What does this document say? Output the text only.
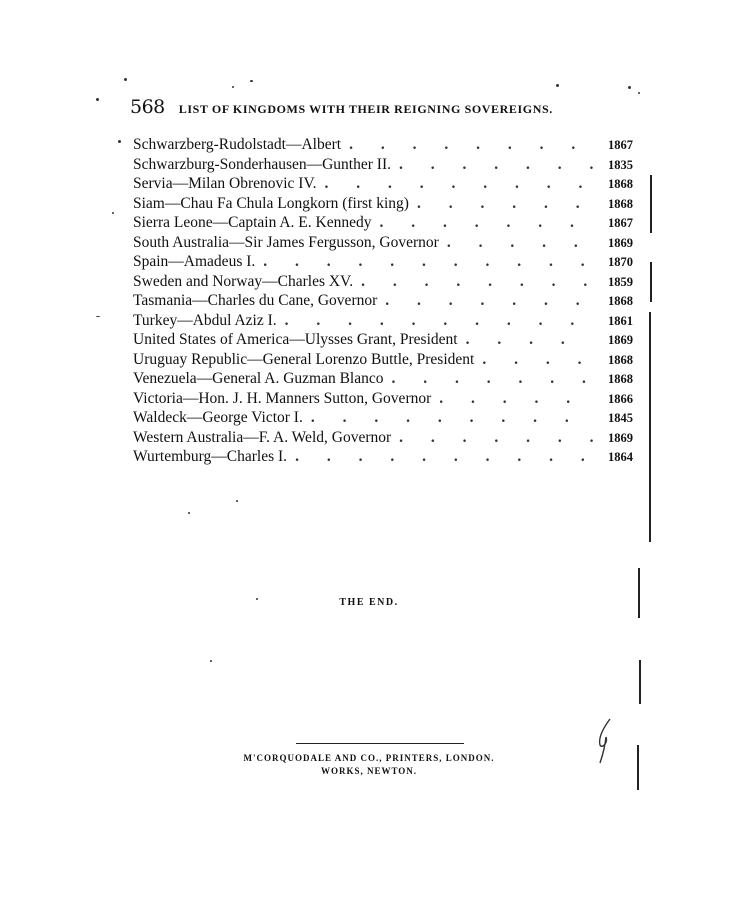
568 LIST OF KINGDOMS WITH THEIR REIGNING SOVEREIGNS.
Schwarzberg-Rudolstadt—Albert . . .	1867
Schwarzburg-Sonderhausen—Gunther II. . . .	1835
Servia—Milan Obrenovic IV. . . .	1868
Siam—Chau Fa Chula Longkorn (first king) . . .	1868
Sierra Leone—Captain A. E. Kennedy . . .	1867
South Australia—Sir James Fergusson, Governor . . .	1869
Spain—Amadeus I. . . .	1870
Sweden and Norway—Charles XV. . . .	1859
Tasmania—Charles du Cane, Governor . . .	1868
Turkey—Abdul Aziz I. . . .	1861
United States of America—Ulysses Grant, President . . .	1869
Uruguay Republic—General Lorenzo Buttle, President . . .	1868
Venezuela—General A. Guzman Blanco . . .	1868
Victoria—Hon. J. H. Manners Sutton, Governor . . .	1866
Waldeck—George Victor I. . . .	1845
Western Australia—F. A. Weld, Governor . . .	1869
Wurtemburg—Charles I. . . .	1864
THE END.
M'CORQUODALE AND CO., PRINTERS, LONDON.
WORKS, NEWTON.
